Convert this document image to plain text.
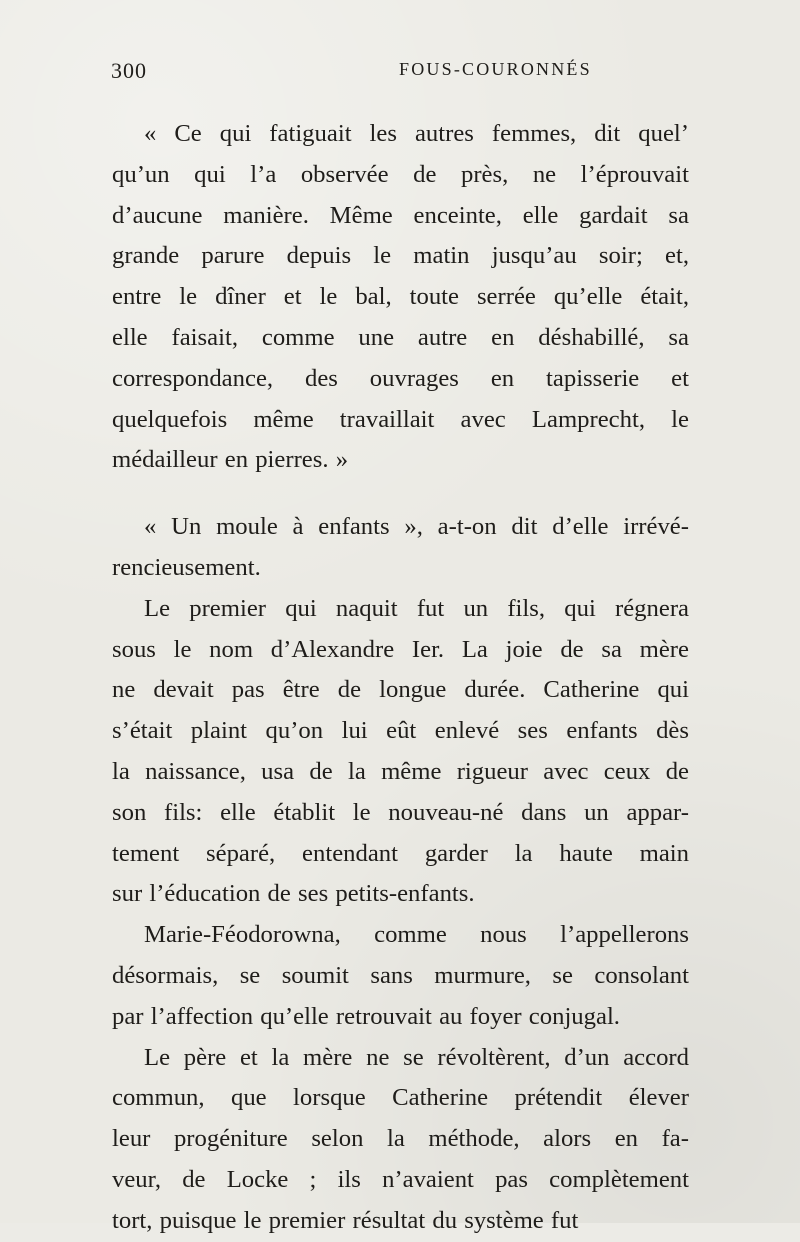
300	FOUS-COURONNÉS
« Ce qui fatiguait les autres femmes, dit quel’
qu’un qui l’a observée de près, ne l’éprouvait
d’aucune manière. Même enceinte, elle gardait sa
grande parure depuis le matin jusqu’au soir; et,
entre le dîner et le bal, toute serrée qu’elle était,
elle faisait, comme une autre en déshabillé, sa
correspondance, des ouvrages en tapisserie et
quelquefois même travaillait avec Lamprecht, le
médailleur en pierres. »
« Un moule à enfants », a-t-on dit d’elle irrévé-
rencieusement.
Le premier qui naquit fut un fils, qui régnera
sous le nom d’Alexandre Ier. La joie de sa mère
ne devait pas être de longue durée. Catherine qui
s’était plaint qu’on lui eût enlevé ses enfants dès
la naissance, usa de la même rigueur avec ceux de
son fils: elle établit le nouveau-né dans un appar-
tement séparé, entendant garder la haute main
sur l’éducation de ses petits-enfants.
Marie-Féodorowna, comme nous l’appellerons
désormais, se soumit sans murmure, se consolant
par l’affection qu’elle retrouvait au foyer conjugal.
Le père et la mère ne se révoltèrent, d’un accord
commun, que lorsque Catherine prétendit élever
leur progéniture selon la méthode, alors en fa-
veur, de Locke ; ils n’avaient pas complètement
tort, puisque le premier résultat du système fut
